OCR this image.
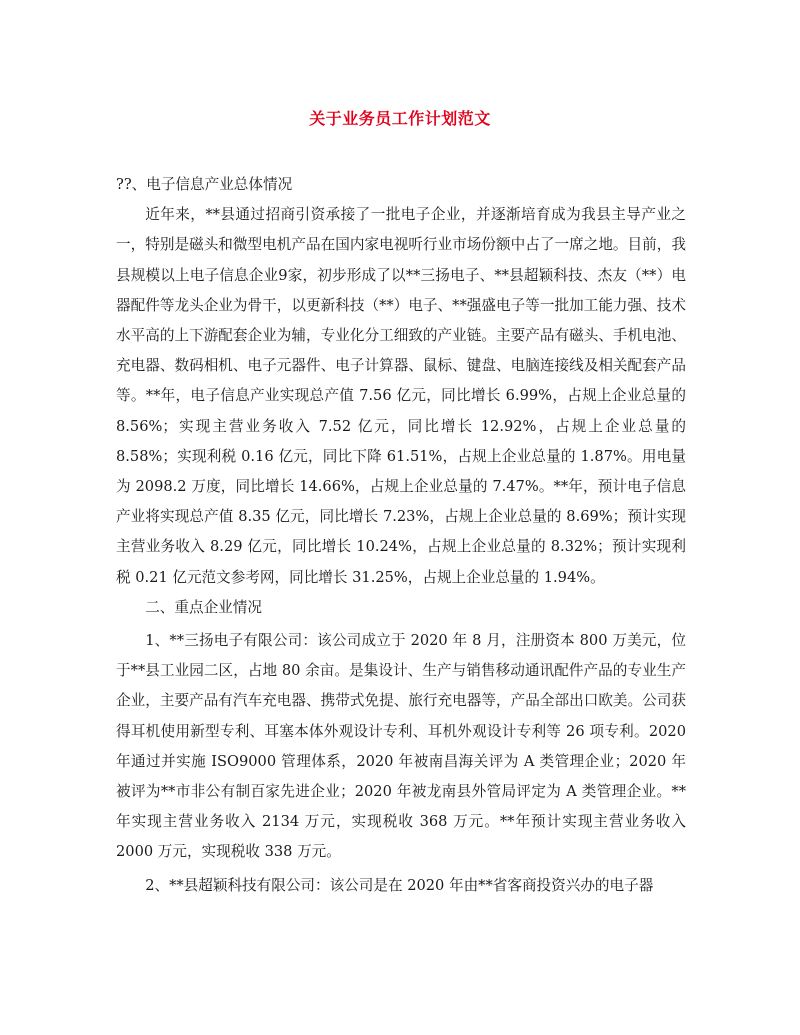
关于业务员工作计划范文

??、电子信息产业总体情况

近年来，**县通过招商引资承接了一批电子企业，并逐渐培育成为我县主导产业之一，特别是磁头和微型电机产品在国内家电视听行业市场份额中占了一席之地。目前，我县规模以上电子信息企业9家，初步形成了以**三扬电子、**县超颖科技、杰友（**）电器配件等龙头企业为骨干，以更新科技（**）电子、**强盛电子等一批加工能力强、技术水平高的上下游配套企业为辅，专业化分工细致的产业链。主要产品有磁头、手机电池、充电器、数码相机、电子元器件、电子计算器、鼠标、键盘、电脑连接线及相关配套产品等。**年，电子信息产业实现总产值 7.56 亿元，同比增长 6.99%，占规上企业总量的 8.56%；实现主营业务收入 7.52 亿元，同比增长 12.92%，占规上企业总量的 8.58%；实现利税 0.16 亿元，同比下降 61.51%，占规上企业总量的 1.87%。用电量为 2098.2 万度，同比增长 14.66%，占规上企业总量的 7.47%。**年，预计电子信息产业将实现总产值 8.35 亿元，同比增长 7.23%，占规上企业总量的 8.69%；预计实现主营业务收入 8.29 亿元，同比增长 10.24%，占规上企业总量的 8.32%；预计实现利税 0.21 亿元范文参考网，同比增长 31.25%，占规上企业总量的 1.94%。

二、重点企业情况

1、**三扬电子有限公司：该公司成立于 2020 年 8 月，注册资本 800 万美元，位于**县工业园二区，占地 80 余亩。是集设计、生产与销售移动通讯配件产品的专业生产企业，主要产品有汽车充电器、携带式免提、旅行充电器等，产品全部出口欧美。公司获得耳机使用新型专利、耳塞本体外观设计专利、耳机外观设计专利等 26 项专利。2020 年通过并实施 ISO9000 管理体系，2020 年被南昌海关评为 A 类管理企业；2020 年被评为**市非公有制百家先进企业；2020 年被龙南县外管局评定为 A 类管理企业。**年实现主营业务收入 2134 万元，实现税收 368 万元。**年预计实现主营业务收入 2000 万元，实现税收 338 万元。

2、**县超颖科技有限公司：该公司是在 2020 年由**省客商投资兴办的电子器
